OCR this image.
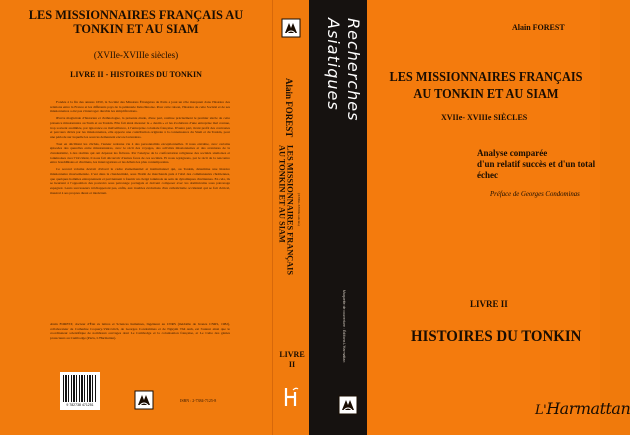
LES MISSIONNAIRES FRANÇAIS AU TONKIN ET AU SIAM
(XVIIe-XVIIIe siècles)
LIVRE II - HISTOIRES DU TONKIN

Fondée à la fin des années 1650, la Société des Missions Étrangères de Paris a joué un rôle marquant dans l'histoire des relations entre la France et les différents pays de la péninsule Indochinoise. Pour cette raison, l'histoire de cette Société et de ses missionnaires a été pas s'interroger durable les simplifications.

Œuvre magistrale d'historien et d'ethnologue, la présente étude, d'une part, restitue précisément le premier siècle de cette présence missionnaire au Siam et au Tonkin. Elle fait ainsi mesurer le « destin » et les évolutions d'une entreprise mal connue, trop souvent assimilée, par ignorance ou malveillance, à l'entreprise coloniale française. D'autre part, tirant profit des contrastes et parcours dictés par les missionnaires, elle apporte une contribution originale à la connaissance du Siam et du Tonkin, pour une période sur laquelle les sources demeurent encore lacunaires.

Tout en décilitant les clichés, l'auteur redonne vie à des personnalités exceptionnelles. Il nous entraîne, avec certains épisodes des querelles entre missionnaires, avec le récit des voyages, des activités missionnaires et des aventures de la clandestinité, à des réalités qui ont dépassé les fictions. Par l'analyse de la confrontation religieuse des sociétés siamoises et tonkinoises avec l'Occident, il nous fait découvrir d'autres faces de ces sociétés. Et nous rejoignons, par le récit de la rencontre entre bouddhistes et chrétiens, les interrogations et les débats les plus contemporains.

Ce second volume devrait d'abord la cadre événementiel et institutionnel qui, au Tonkin, détermine une histoire missionnaire mouvementée. C'est dans la clandestinité, sous l'habit de marchands puis à l'abri des communautés chrétiennes, que quelques hommes entreprennent et parviennent à fournir un clergé tonkinois au sein de dynamiques chrétiennes. En cela, ils se heurtent à l'opposition des pouvoirs sous patronage portugais et doivent composer avec les dominicains sous patronage espagnol. Leurs successeurs n'échapperont pas, enfin, aux troubles évolutions d'un catholicisme occidental qui se fait clérical, musical à ses propres dieux et intolérant.

Alain FOREST, docteur d'État ès lettres et Sciences humaines, Ingénieur au CNRS (médaille de bronze CNRS, 1982), collaborateur de Catherine Coquery-Vidrovitch, de Georges Condominas et de Nguyên Thê Anh, est l'auteur ainsi que le coordinateur scientifique de nombreux ouvrages dont Le Cambodge et la colonisation française, et Le Culte des génies protecteurs au Cambodge (Paris, L'Harmattan).
9 782738 471251
ISBN : 2-7384-7125-8
Alain FOREST
LES MISSIONNAIRES FRANÇAIS
AU TONKIN ET AU SIAM	(XVIIe-XVIIIe siècles)
LIVRE
II
Recherches
Asiatiques
Maquette de couverture : Éditions L'Harmattan
Alain FOREST
LES MISSIONNAIRES FRANÇAIS
AU TONKIN ET AU SIAM
XVIIe- XVIIIe SIÈCLES
Analyse comparée
d'un relatif succès et d'un total échec
Préface de Georges Condominas
LIVRE II
HISTOIRES DU TONKIN
L'Harmattan
